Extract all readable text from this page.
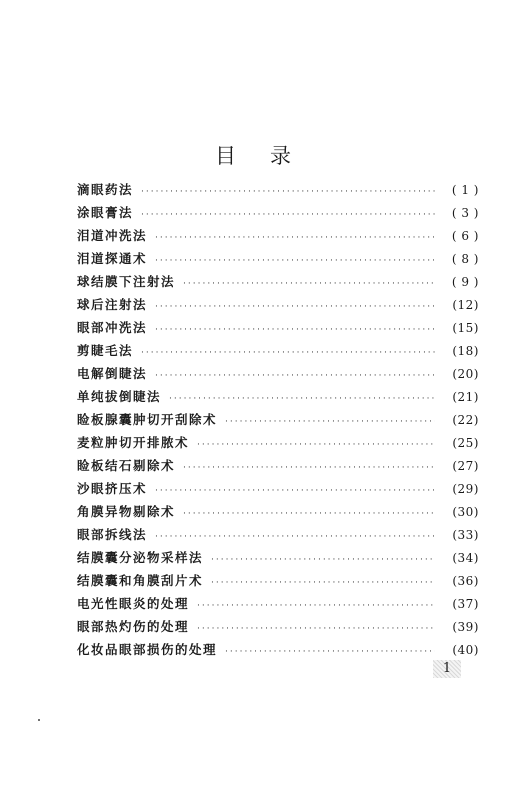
目录
滴眼药法 ·····	( 1 )
涂眼膏法 ·····	( 3 )
泪道冲洗法 ·····	( 6 )
泪道探通术 ·····	( 8 )
球结膜下注射法 ·····	( 9 )
球后注射法 ·····	(12)
眼部冲洗法 ·····	(15)
剪睫毛法 ·····	(18)
电解倒睫法 ·····	(20)
单纯拔倒睫法 ·····	(21)
睑板腺囊肿切开刮除术 ·····	(22)
麦粒肿切开排脓术 ·····	(25)
睑板结石剔除术 ·····	(27)
沙眼挤压术 ·····	(29)
角膜异物剔除术 ·····	(30)
眼部拆线法 ·····	(33)
结膜囊分泌物采样法 ·····	(34)
结膜囊和角膜刮片术 ·····	(36)
电光性眼炎的处理 ·····	(37)
眼部热灼伤的处理 ·····	(39)
化妆品眼部损伤的处理 ·····	(40)
1
